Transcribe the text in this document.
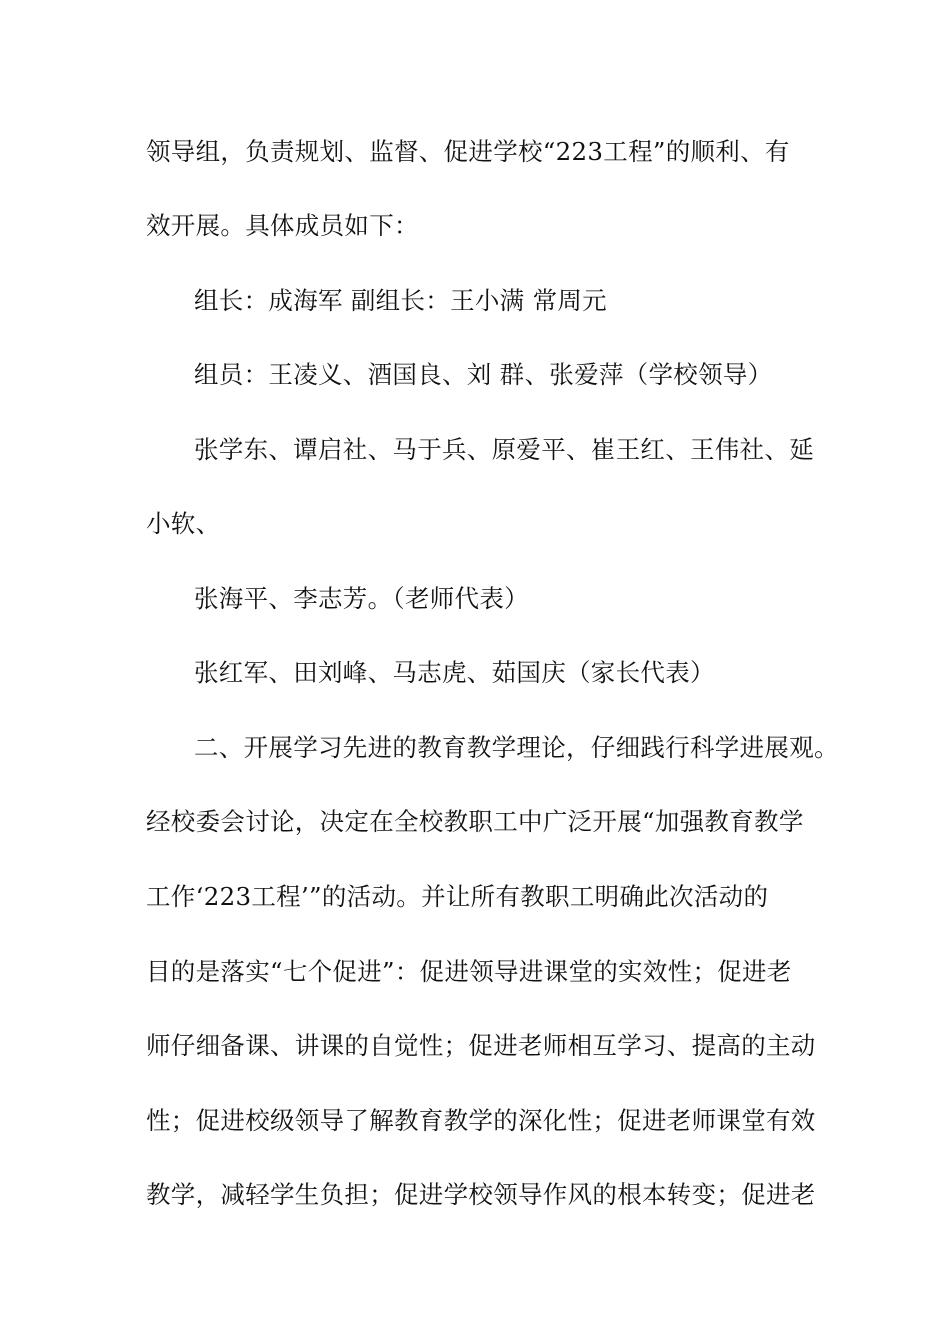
领导组，负责规划、监督、促进学校“223工程”的顺利、有
效开展。具体成员如下：
组长：成海军 副组长：王小满 常周元
组员：王凌义、酒国良、刘 群、张爱萍（学校领导）
张学东、谭启社、马于兵、原爱平、崔王红、王伟社、延
小软、
张海平、李志芳。（老师代表）
张红军、田刘峰、马志虎、茹国庆（家长代表）
二、开展学习先进的教育教学理论，仔细践行科学进展观。
经校委会讨论，决定在全校教职工中广泛开展“加强教育教学
工作‘223工程’”的活动。并让所有教职工明确此次活动的
目的是落实“七个促进”：促进领导进课堂的实效性；促进老
师仔细备课、讲课的自觉性；促进老师相互学习、提高的主动
性；促进校级领导了解教育教学的深化性；促进老师课堂有效
教学，减轻学生负担；促进学校领导作风的根本转变；促进老
